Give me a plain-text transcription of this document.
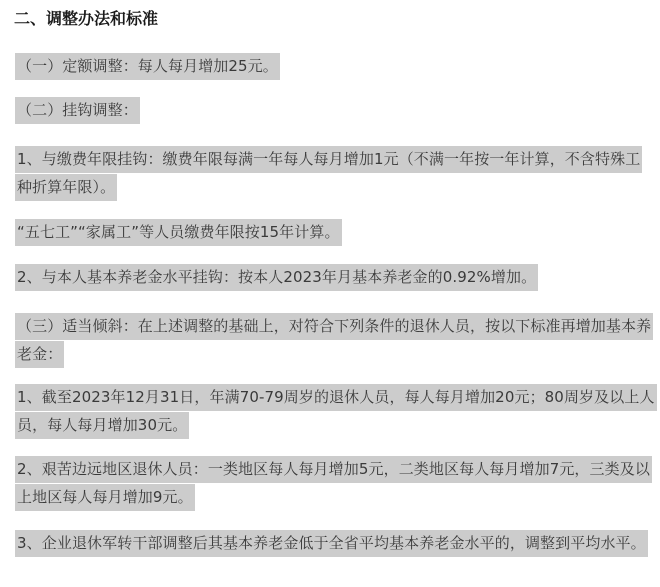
二、调整办法和标准
（一）定额调整：每人每月增加25元。
（二）挂钩调整：
1、与缴费年限挂钩：缴费年限每满一年每人每月增加1元（不满一年按一年计算，不含特殊工种折算年限）。
“五七工”“家属工”等人员缴费年限按15年计算。
2、与本人基本养老金水平挂钩：按本人2023年月基本养老金的0.92%增加。
（三）适当倾斜：在上述调整的基础上，对符合下列条件的退休人员，按以下标准再增加基本养老金：
1、截至2023年12月31日，年满70-79周岁的退休人员，每人每月增加20元；80周岁及以上人员，每人每月增加30元。
2、艰苦边远地区退休人员：一类地区每人每月增加5元，二类地区每人每月增加7元，三类及以上地区每人每月增加9元。
3、企业退休军转干部调整后其基本养老金低于全省平均基本养老金水平的，调整到平均水平。
